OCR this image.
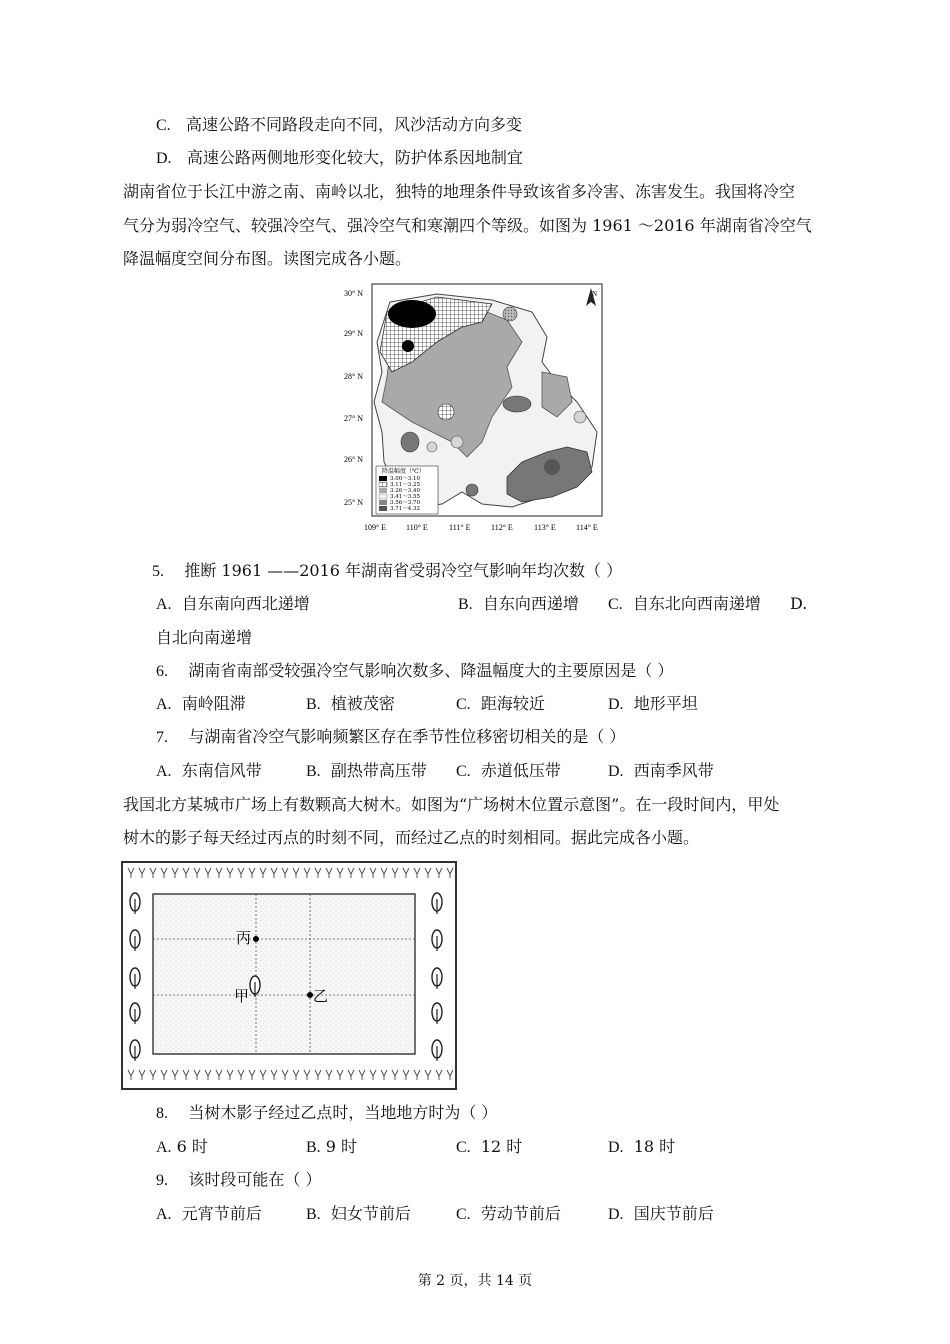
C. 高速公路不同路段走向不同，风沙活动方向多变
D. 高速公路两侧地形变化较大，防护体系因地制宜
湖南省位于长江中游之南、南岭以北，独特的地理条件导致该省多冷害、冻害发生。我国将冷空
气分为弱冷空气、较强冷空气、强冷空气和寒潮四个等级。如图为 1961 ～2016 年湖南省冷空气
降温幅度空间分布图。读图完成各小题。
30° N
29° N
28° N
27° N
26° N
25° N
109° E 110° E	111° E	112° E	113° E	114° E
N
降温幅度（℃）
3.00～3.10
3.11～3.25
3.26～3.40
3.41～3.55
3.56～3.70
3.71～4.32
5. 推断 1961 ——2016 年湖南省受弱冷空气影响年均次数（ ）
A. 自东南向西北递增	B. 自东向西递增 C. 自东北向西南递增 D.
自北向南递增
6. 湖南省南部受较强冷空气影响次数多、降温幅度大的主要原因是（ ）
A. 南岭阻滞	B. 植被茂密	C. 距海较近	D. 地形平坦
7. 与湖南省冷空气影响频繁区存在季节性位移密切相关的是（ ）
A. 东南信风带	B. 副热带高压带 C. 赤道低压带	D. 西南季风带
我国北方某城市广场上有数颗高大树木。如图为“广场树木位置示意图”。在一段时间内，甲处
树木的影子每天经过丙点的时刻不同，而经过乙点的时刻相同。据此完成各小题。
丙
甲	乙
8. 当树木影子经过乙点时，当地地方时为（ ）
A. 6 时	B. 9 时	C. 12 时	D. 18 时
9. 该时段可能在（ ）
A. 元宵节前后	B. 妇女节前后	C. 劳动节前后	D. 国庆节前后
第 2 页，共 14 页
